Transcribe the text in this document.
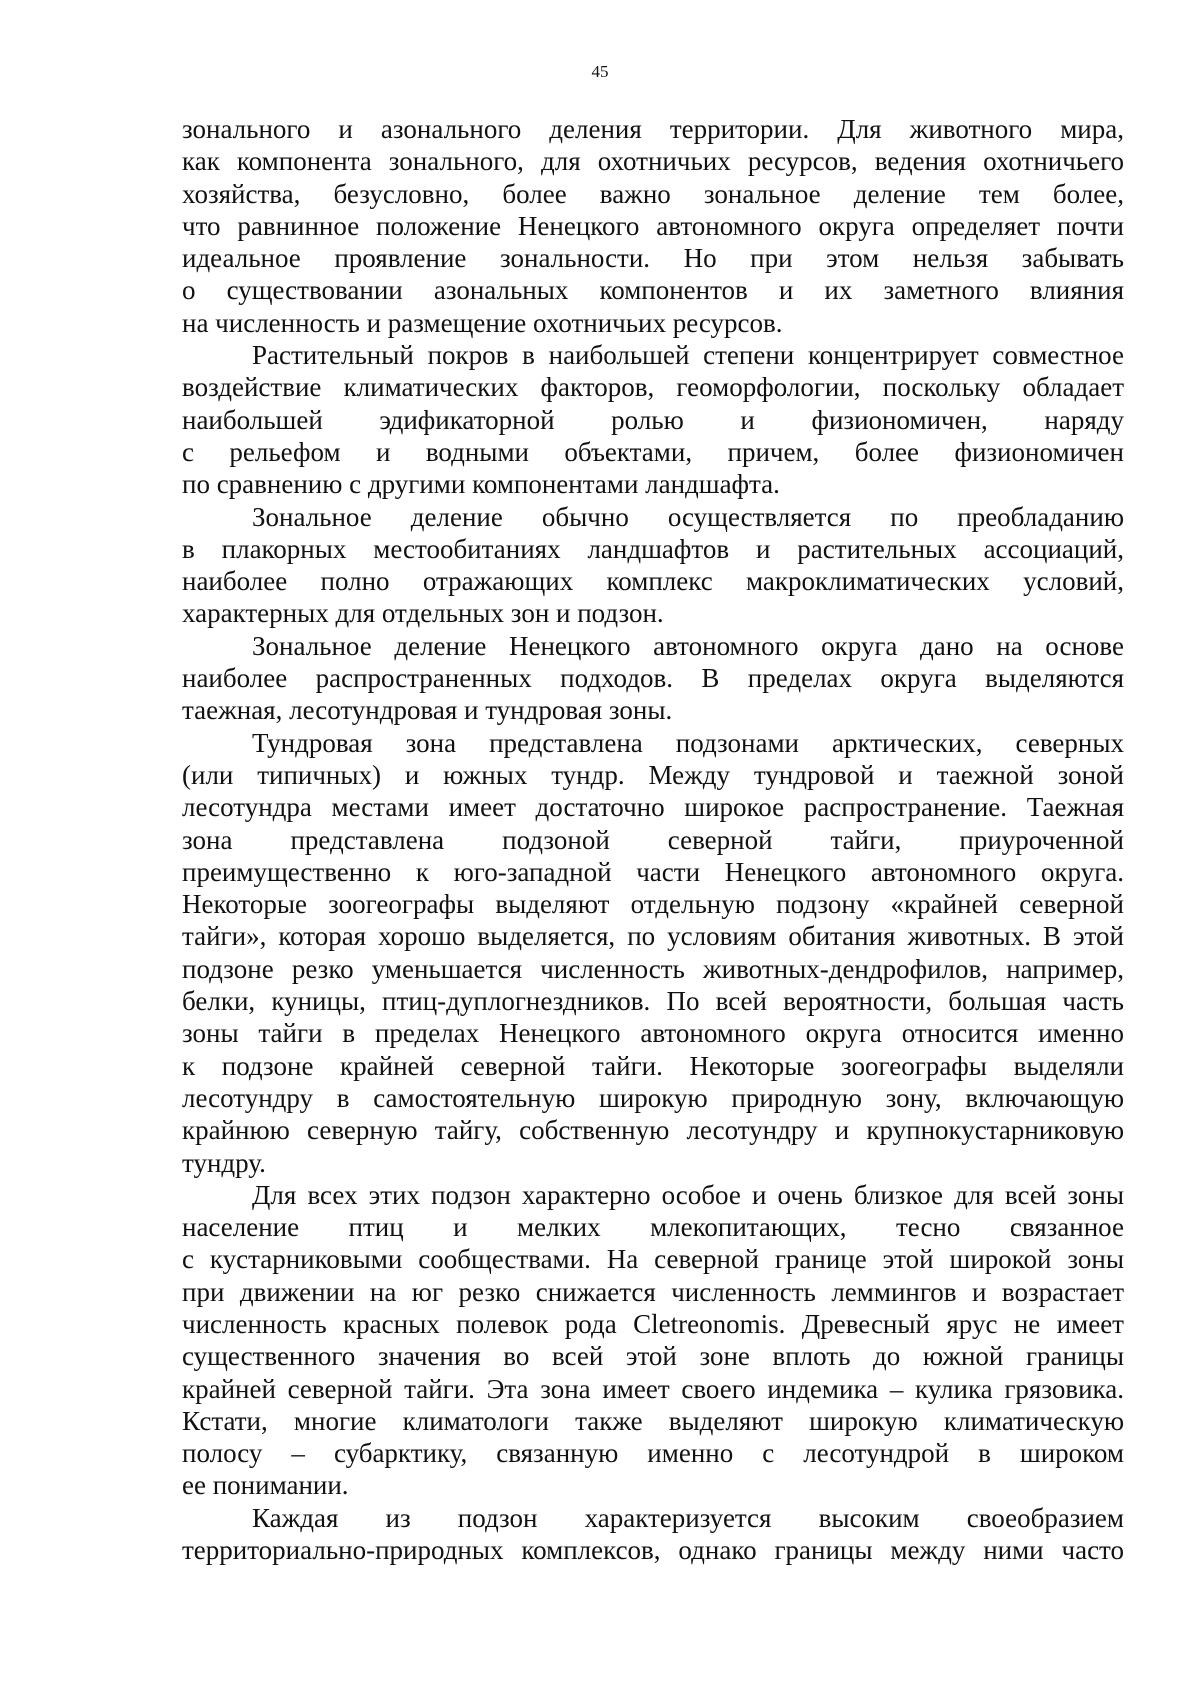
45
зонального и азонального деления территории. Для животного мира,
как компонента зонального, для охотничьих ресурсов, ведения охотничьего
хозяйства, безусловно, более важно зональное деление тем более,
что равнинное положение Ненецкого автономного округа определяет почти
идеальное проявление зональности. Но при этом нельзя забывать
о существовании азональных компонентов и их заметного влияния
на численность и размещение охотничьих ресурсов.
Растительный покров в наибольшей степени концентрирует совместное
воздействие климатических факторов, геоморфологии, поскольку обладает
наибольшей эдификаторной ролью и физиономичен, наряду
с рельефом и водными объектами, причем, более физиономичен
по сравнению с другими компонентами ландшафта.
Зональное деление обычно осуществляется по преобладанию
в плакорных местообитаниях ландшафтов и растительных ассоциаций,
наиболее полно отражающих комплекс макроклиматических условий,
характерных для отдельных зон и подзон.
Зональное деление Ненецкого автономного округа дано на основе
наиболее распространенных подходов. В пределах округа выделяются
таежная, лесотундровая и тундровая зоны.
Тундровая зона представлена подзонами арктических, северных
(или типичных) и южных тундр. Между тундровой и таежной зоной
лесотундра местами имеет достаточно широкое распространение. Таежная
зона представлена подзоной северной тайги, приуроченной
преимущественно к юго-западной части Ненецкого автономного округа.
Некоторые зоогеографы выделяют отдельную подзону «крайней северной
тайги», которая хорошо выделяется, по условиям обитания животных. В этой
подзоне резко уменьшается численность животных-дендрофилов, например,
белки, куницы, птиц-дуплогнездников. По всей вероятности, большая часть
зоны тайги в пределах Ненецкого автономного округа относится именно
к подзоне крайней северной тайги. Некоторые зоогеографы выделяли
лесотундру в самостоятельную широкую природную зону, включающую
крайнюю северную тайгу, собственную лесотундру и крупнокустарниковую
тундру.
Для всех этих подзон характерно особое и очень близкое для всей зоны
население птиц и мелких млекопитающих, тесно связанное
с кустарниковыми сообществами. На северной границе этой широкой зоны
при движении на юг резко снижается численность леммингов и возрастает
численность красных полевок рода Cletreonomis. Древесный ярус не имеет
существенного значения во всей этой зоне вплоть до южной границы
крайней северной тайги. Эта зона имеет своего индемика – кулика грязовика.
Кстати, многие климатологи также выделяют широкую климатическую
полосу – субарктику, связанную именно с лесотундрой в широком
ее понимании.
Каждая из подзон характеризуется высоким своеобразием
территориально-природных комплексов, однако границы между ними часто
